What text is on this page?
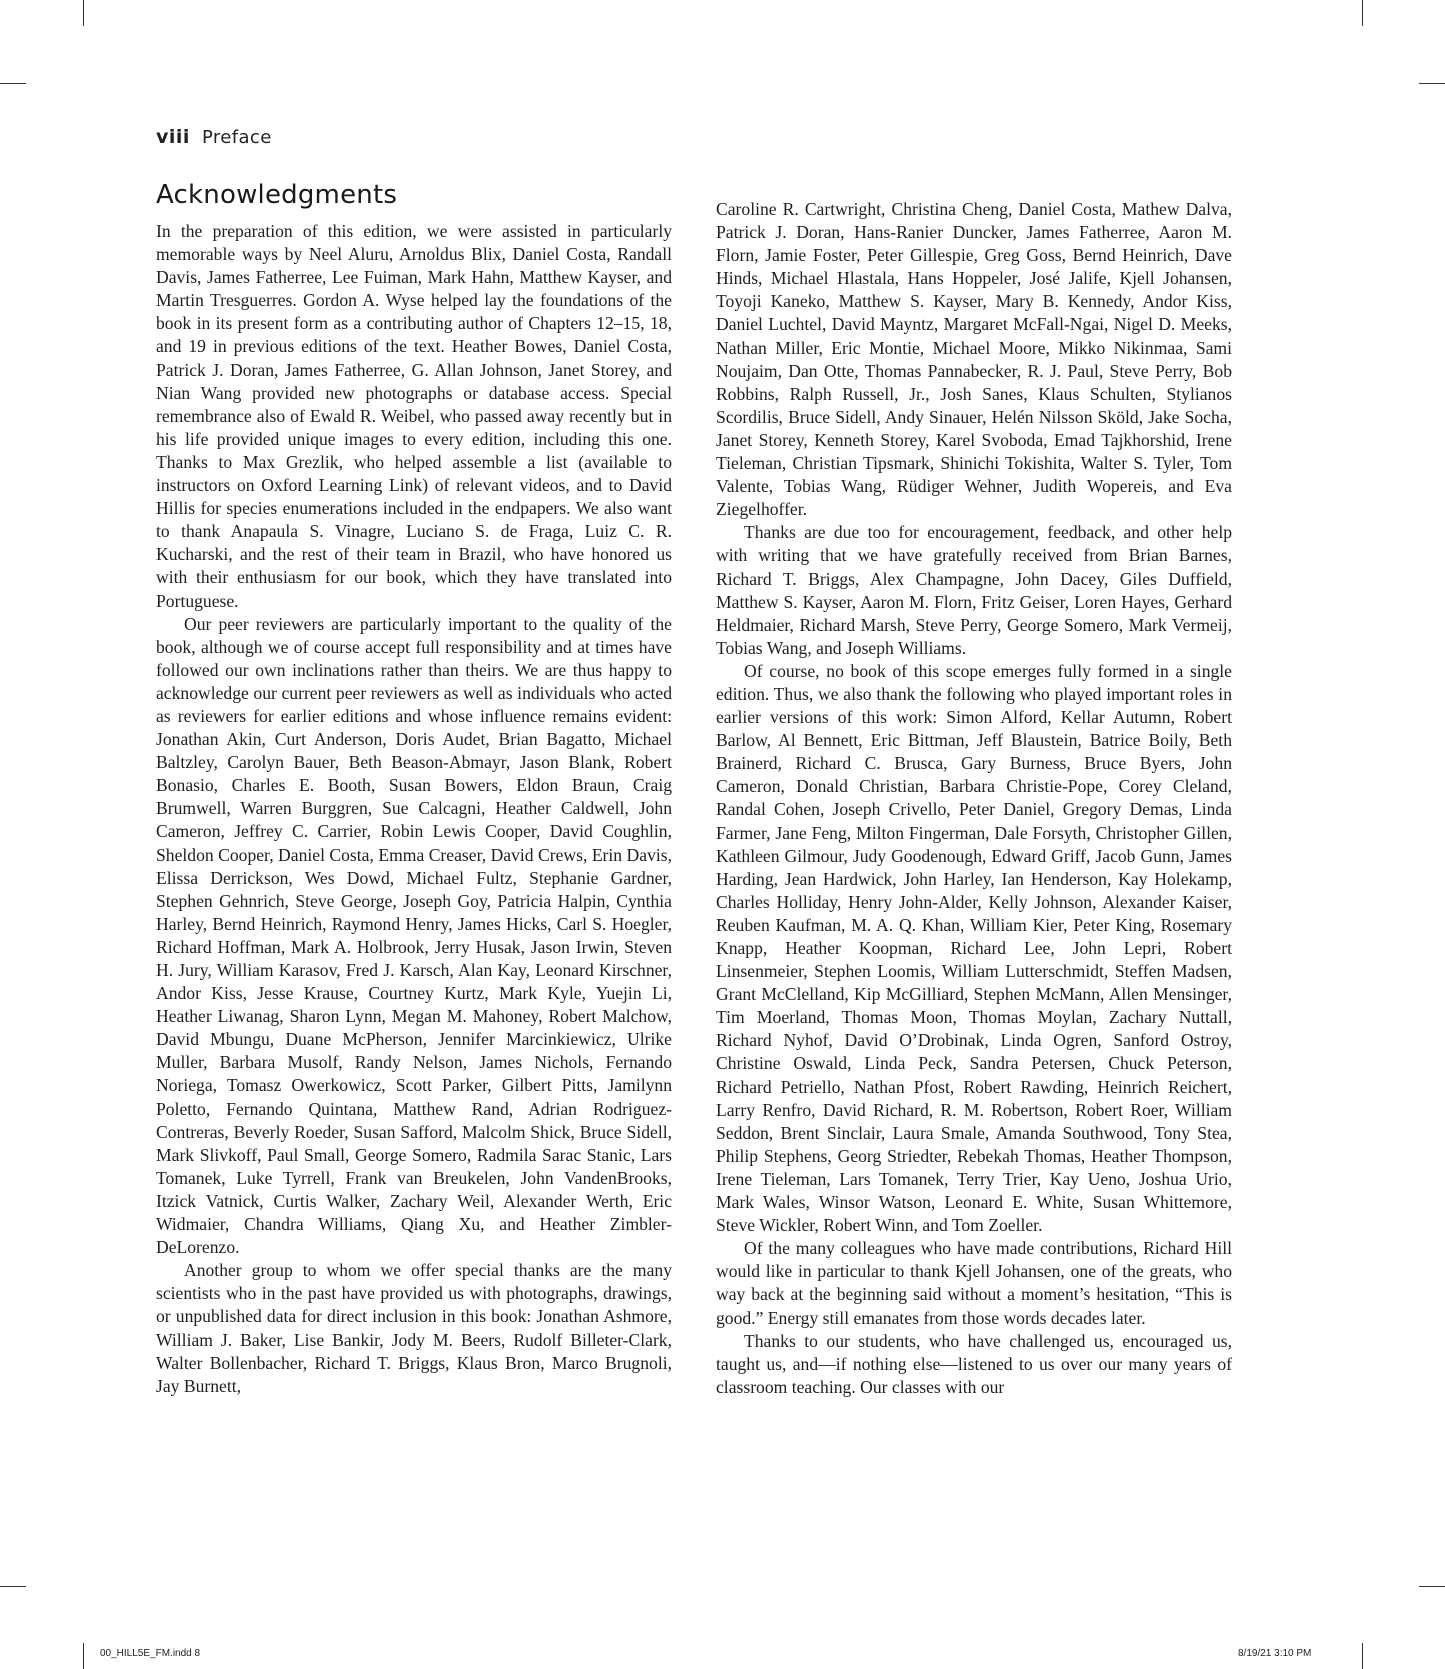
viii Preface
Acknowledgments

In the preparation of this edition, we were assisted in particularly memorable ways by Neel Aluru, Arnoldus Blix, Daniel Costa, Randall Davis, James Fatherree, Lee Fuiman, Mark Hahn, Matthew Kayser, and Martin Tresguerres. Gordon A. Wyse helped lay the foundations of the book in its present form as a contributing author of Chapters 12–15, 18, and 19 in previous editions of the text. Heather Bowes, Daniel Costa, Patrick J. Doran, James Fatherree, G. Allan Johnson, Janet Storey, and Nian Wang provided new photographs or database access. Special remembrance also of Ewald R. Weibel, who passed away recently but in his life provided unique images to every edition, including this one. Thanks to Max Grezlik, who helped assemble a list (available to instructors on Oxford Learning Link) of relevant videos, and to David Hillis for species enumerations included in the endpapers. We also want to thank Anapaula S. Vinagre, Luciano S. de Fraga, Luiz C. R. Kucharski, and the rest of their team in Brazil, who have honored us with their enthusiasm for our book, which they have translated into Portuguese.

Our peer reviewers are particularly important to the quality of the book, although we of course accept full responsibility and at times have followed our own inclinations rather than theirs. We are thus happy to acknowledge our current peer reviewers as well as individuals who acted as reviewers for earlier editions and whose influence remains evident: Jonathan Akin, Curt Anderson, Doris Audet, Brian Bagatto, Michael Baltzley, Carolyn Bauer, Beth Beason-Abmayr, Jason Blank, Robert Bonasio, Charles E. Booth, Susan Bowers, Eldon Braun, Craig Brumwell, Warren Burggren, Sue Calcagni, Heather Caldwell, John Cameron, Jeffrey C. Carrier, Robin Lewis Cooper, David Coughlin, Sheldon Cooper, Daniel Costa, Emma Creaser, David Crews, Erin Davis, Elissa Derrickson, Wes Dowd, Michael Fultz, Stephanie Gardner, Stephen Gehnrich, Steve George, Joseph Goy, Patricia Halpin, Cynthia Harley, Bernd Heinrich, Raymond Henry, James Hicks, Carl S. Hoegler, Richard Hoffman, Mark A. Holbrook, Jerry Husak, Jason Irwin, Steven H. Jury, William Karasov, Fred J. Karsch, Alan Kay, Leonard Kirschner, Andor Kiss, Jesse Krause, Courtney Kurtz, Mark Kyle, Yuejin Li, Heather Liwanag, Sharon Lynn, Megan M. Mahoney, Robert Malchow, David Mbungu, Duane McPherson, Jennifer Marcinkiewicz, Ulrike Muller, Barbara Musolf, Randy Nelson, James Nichols, Fernando Noriega, Tomasz Owerkowicz, Scott Parker, Gilbert Pitts, Jamilynn Poletto, Fernando Quintana, Matthew Rand, Adrian Rodriguez-Contreras, Beverly Roeder, Susan Safford, Malcolm Shick, Bruce Sidell, Mark Slivkoff, Paul Small, George Somero, Radmila Sarac Stanic, Lars Tomanek, Luke Tyrrell, Frank van Breukelen, John VandenBrooks, Itzick Vatnick, Curtis Walker, Zachary Weil, Alexander Werth, Eric Widmaier, Chandra Williams, Qiang Xu, and Heather Zimbler-DeLorenzo.

Another group to whom we offer special thanks are the many scientists who in the past have provided us with photographs, drawings, or unpublished data for direct inclusion in this book: Jonathan Ashmore, William J. Baker, Lise Bankir, Jody M. Beers, Rudolf Billeter-Clark, Walter Bollenbacher, Richard T. Briggs, Klaus Bron, Marco Brugnoli, Jay Burnett,

Caroline R. Cartwright, Christina Cheng, Daniel Costa, Mathew Dalva, Patrick J. Doran, Hans-Ranier Duncker, James Fatherree, Aaron M. Florn, Jamie Foster, Peter Gillespie, Greg Goss, Bernd Heinrich, Dave Hinds, Michael Hlastala, Hans Hoppeler, José Jalife, Kjell Johansen, Toyoji Kaneko, Matthew S. Kayser, Mary B. Kennedy, Andor Kiss, Daniel Luchtel, David Mayntz, Margaret McFall-Ngai, Nigel D. Meeks, Nathan Miller, Eric Montie, Michael Moore, Mikko Nikinmaa, Sami Noujaim, Dan Otte, Thomas Pannabecker, R. J. Paul, Steve Perry, Bob Robbins, Ralph Russell, Jr., Josh Sanes, Klaus Schulten, Stylianos Scordilis, Bruce Sidell, Andy Sinauer, Helén Nilsson Sköld, Jake Socha, Janet Storey, Kenneth Storey, Karel Svoboda, Emad Tajkhorshid, Irene Tieleman, Christian Tipsmark, Shinichi Tokishita, Walter S. Tyler, Tom Valente, Tobias Wang, Rüdiger Wehner, Judith Wopereis, and Eva Ziegelhoffer.

Thanks are due too for encouragement, feedback, and other help with writing that we have gratefully received from Brian Barnes, Richard T. Briggs, Alex Champagne, John Dacey, Giles Duffield, Matthew S. Kayser, Aaron M. Florn, Fritz Geiser, Loren Hayes, Gerhard Heldmaier, Richard Marsh, Steve Perry, George Somero, Mark Vermeij, Tobias Wang, and Joseph Williams.

Of course, no book of this scope emerges fully formed in a single edition. Thus, we also thank the following who played important roles in earlier versions of this work: Simon Alford, Kellar Autumn, Robert Barlow, Al Bennett, Eric Bittman, Jeff Blaustein, Batrice Boily, Beth Brainerd, Richard C. Brusca, Gary Burness, Bruce Byers, John Cameron, Donald Christian, Barbara Christie-Pope, Corey Cleland, Randal Cohen, Joseph Crivello, Peter Daniel, Gregory Demas, Linda Farmer, Jane Feng, Milton Fingerman, Dale Forsyth, Christopher Gillen, Kathleen Gilmour, Judy Goodenough, Edward Griff, Jacob Gunn, James Harding, Jean Hardwick, John Harley, Ian Henderson, Kay Holekamp, Charles Holliday, Henry John-Alder, Kelly Johnson, Alexander Kaiser, Reuben Kaufman, M. A. Q. Khan, William Kier, Peter King, Rosemary Knapp, Heather Koopman, Richard Lee, John Lepri, Robert Linsenmeier, Stephen Loomis, William Lutterschmidt, Steffen Madsen, Grant McClelland, Kip McGilliard, Stephen McMann, Allen Mensinger, Tim Moerland, Thomas Moon, Thomas Moylan, Zachary Nuttall, Richard Nyhof, David O’Drobinak, Linda Ogren, Sanford Ostroy, Christine Oswald, Linda Peck, Sandra Petersen, Chuck Peterson, Richard Petriello, Nathan Pfost, Robert Rawding, Heinrich Reichert, Larry Renfro, David Richard, R. M. Robertson, Robert Roer, William Seddon, Brent Sinclair, Laura Smale, Amanda Southwood, Tony Stea, Philip Stephens, Georg Striedter, Rebekah Thomas, Heather Thompson, Irene Tieleman, Lars Tomanek, Terry Trier, Kay Ueno, Joshua Urio, Mark Wales, Winsor Watson, Leonard E. White, Susan Whittemore, Steve Wickler, Robert Winn, and Tom Zoeller.

Of the many colleagues who have made contributions, Richard Hill would like in particular to thank Kjell Johansen, one of the greats, who way back at the beginning said without a moment’s hesitation, “This is good.” Energy still emanates from those words decades later.

Thanks to our students, who have challenged us, encouraged us, taught us, and—if nothing else—listened to us over our many years of classroom teaching. Our classes with our

00_HILL5E_FM.indd 8	8/19/21 3:10 PM
